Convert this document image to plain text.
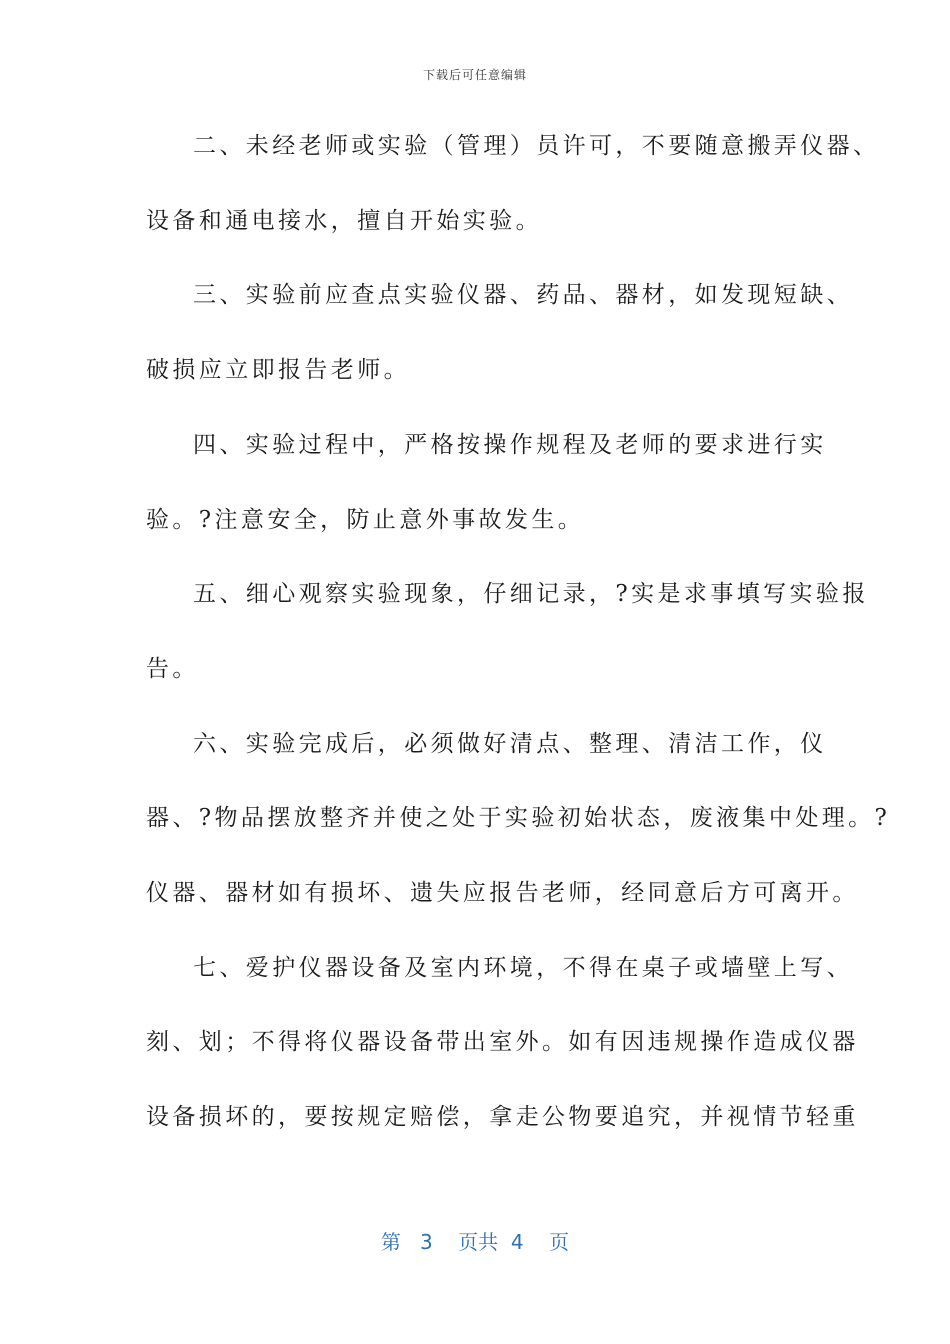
下载后可任意编辑
二、未经老师或实验（管理）员许可，不要随意搬弄仪器、
设备和通电接水，擅自开始实验。
三、实验前应查点实验仪器、药品、器材，如发现短缺、
破损应立即报告老师。
四、实验过程中，严格按操作规程及老师的要求进行实
验。?注意安全，防止意外事故发生。
五、细心观察实验现象，仔细记录，?实是求事填写实验报
告。
六、实验完成后，必须做好清点、整理、清洁工作，仪
器、?物品摆放整齐并使之处于实验初始状态，废液集中处理。?
仪器、器材如有损坏、遗失应报告老师，经同意后方可离开。
七、爱护仪器设备及室内环境，不得在桌子或墙壁上写、
刻、划；不得将仪器设备带出室外。如有因违规操作造成仪器
设备损坏的，要按规定赔偿，拿走公物要追究，并视情节轻重
第 3 页共 4 页
